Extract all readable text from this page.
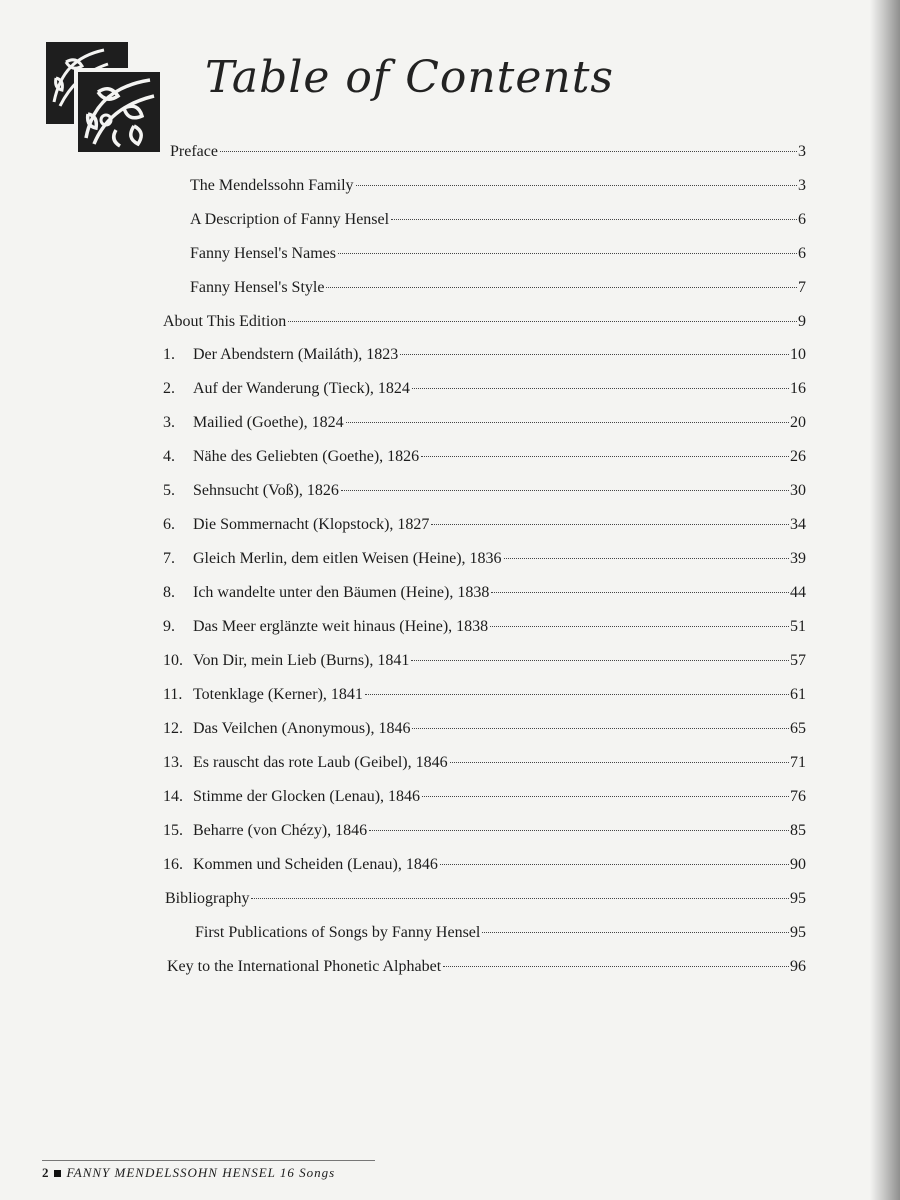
Table of Contents
Preface	3
The Mendelssohn Family	3
A Description of Fanny Hensel	6
Fanny Hensel's Names	6
Fanny Hensel's Style	7
About This Edition	9
1.	Der Abendstern (Mailáth), 1823	10
2.	Auf der Wanderung (Tieck), 1824	16
3.	Mailied (Goethe), 1824	20
4.	Nähe des Geliebten (Goethe), 1826	26
5.	Sehnsucht (Voß), 1826	30
6.	Die Sommernacht (Klopstock), 1827	34
7.	Gleich Merlin, dem eitlen Weisen (Heine), 1836	39
8.	Ich wandelte unter den Bäumen (Heine), 1838	44
9.	Das Meer erglänzte weit hinaus (Heine), 1838	51
10. Von Dir, mein Lieb (Burns), 1841	57
11. Totenklage (Kerner), 1841	61
12. Das Veilchen (Anonymous), 1846	65
13. Es rauscht das rote Laub (Geibel), 1846	71
14. Stimme der Glocken (Lenau), 1846	76
15. Beharre (von Chézy), 1846	85
16. Kommen und Scheiden (Lenau), 1846	90
Bibliography	95
First Publications of Songs by Fanny Hensel	95
Key to the International Phonetic Alphabet	96
2 FANNY MENDELSSOHN HENSEL 16 Songs
